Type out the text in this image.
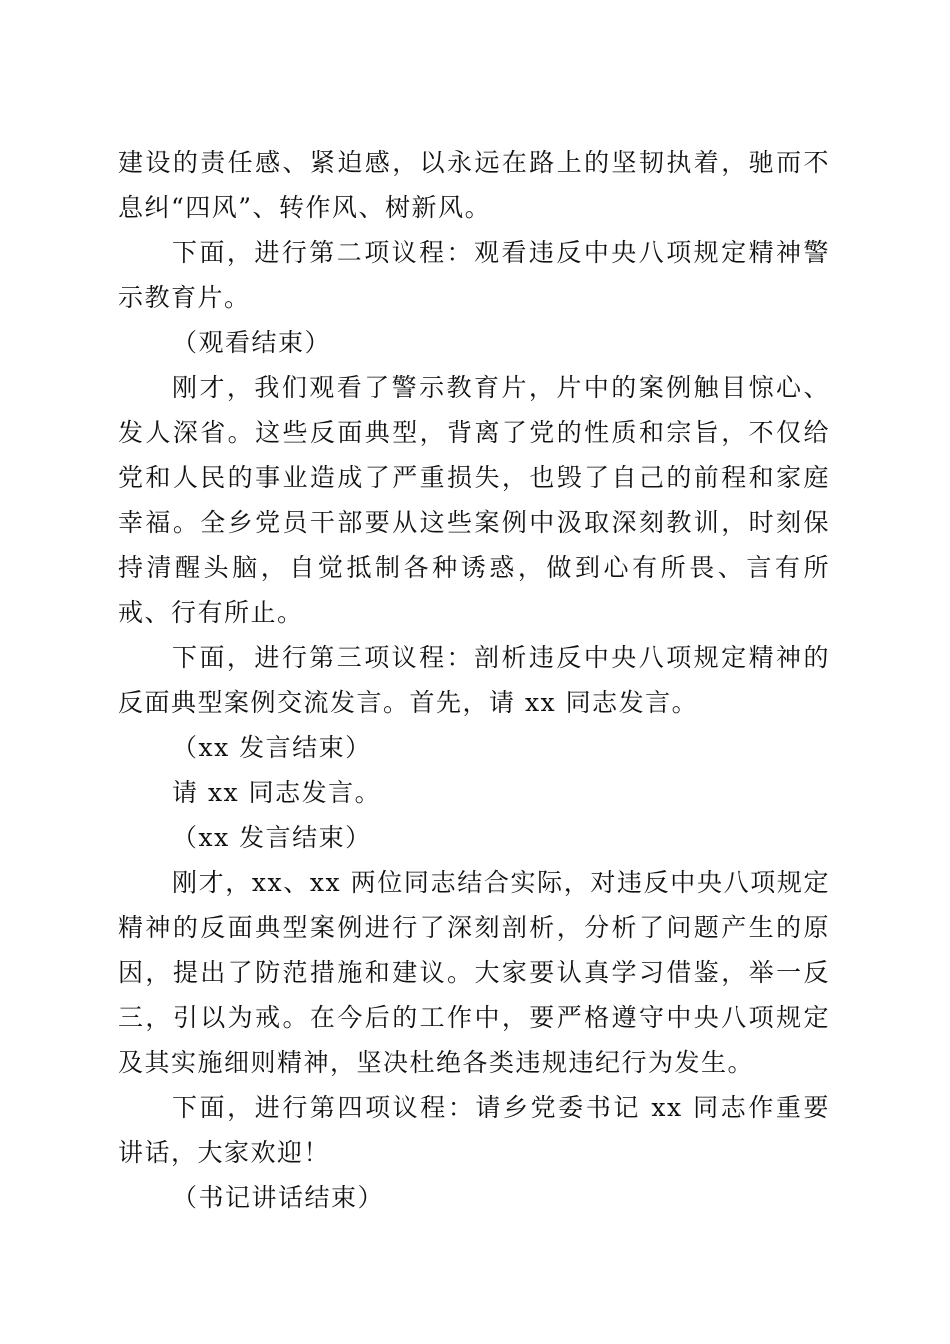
建设的责任感、紧迫感，以永远在路上的坚韧执着，驰而不息纠“四风”、转作风、树新风。

下面，进行第二项议程：观看违反中央八项规定精神警示教育片。

（观看结束）

刚才，我们观看了警示教育片，片中的案例触目惊心、发人深省。这些反面典型，背离了党的性质和宗旨，不仅给党和人民的事业造成了严重损失，也毁了自己的前程和家庭幸福。全乡党员干部要从这些案例中汲取深刻教训，时刻保持清醒头脑，自觉抵制各种诱惑，做到心有所畏、言有所戒、行有所止。

下面，进行第三项议程：剖析违反中央八项规定精神的反面典型案例交流发言。首先，请 xx 同志发言。

（xx 发言结束）

请 xx 同志发言。

（xx 发言结束）

刚才，xx、xx 两位同志结合实际，对违反中央八项规定精神的反面典型案例进行了深刻剖析，分析了问题产生的原因，提出了防范措施和建议。大家要认真学习借鉴，举一反三，引以为戒。在今后的工作中，要严格遵守中央八项规定及其实施细则精神，坚决杜绝各类违规违纪行为发生。

下面，进行第四项议程：请乡党委书记 xx 同志作重要讲话，大家欢迎！

（书记讲话结束）
